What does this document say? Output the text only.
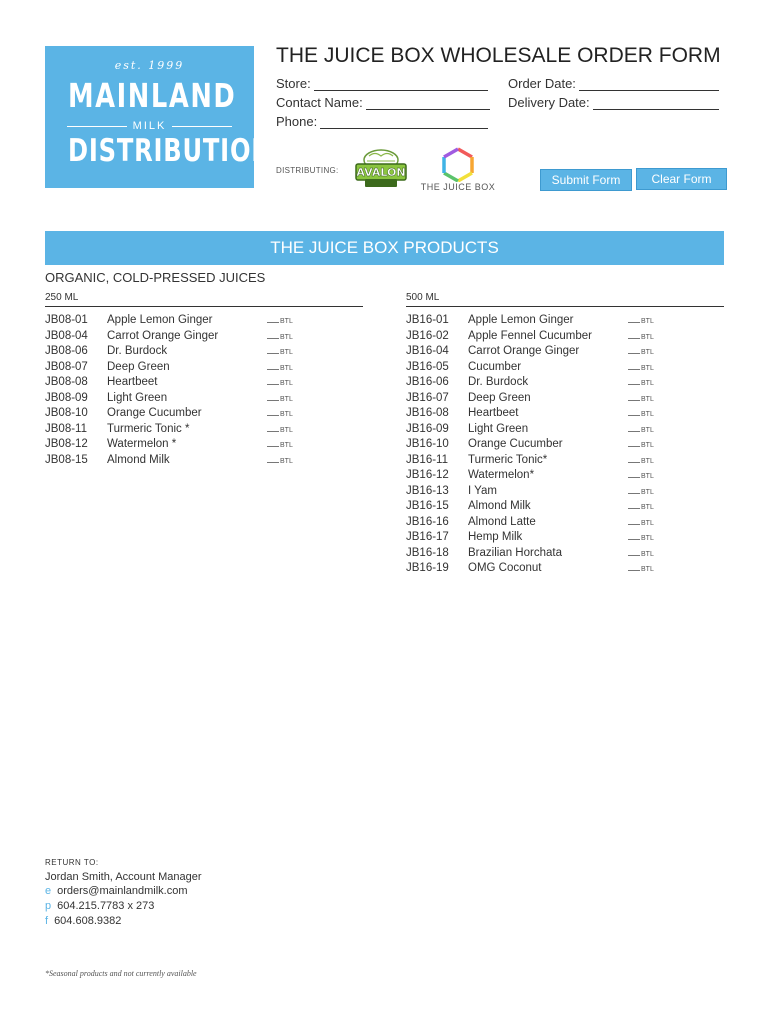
est. 1999
MAINLAND
MILK
DISTRIBUTION
THE JUICE BOX WHOLESALE ORDER FORM
Store:
Contact Name:
Phone:
Order Date:
Delivery Date:
DISTRIBUTING: AVALON
THE JUICE BOX	Submit Form	Clear Form
THE JUICE BOX PRODUCTS
ORGANIC, COLD-PRESSED JUICES
250 ML	500 ML
JB08-01 Apple Lemon Ginger	BTL
JB08-04 Carrot Orange Ginger	BTL
JB08-06 Dr. Burdock	BTL
JB08-07 Deep Green	BTL
JB08-08 Heartbeet	BTL
JB08-09 Light Green	BTL
JB08-10 Orange Cucumber	BTL
JB08-11 Turmeric Tonic *	BTL
JB08-12 Watermelon *	BTL
JB08-15 Almond Milk	BTL
JB16-01 Apple Lemon Ginger	BTL
JB16-02 Apple Fennel Cucumber	BTL
JB16-04 Carrot Orange Ginger	BTL
JB16-05 Cucumber	BTL
JB16-06 Dr. Burdock	BTL
JB16-07 Deep Green	BTL
JB16-08 Heartbeet	BTL
JB16-09 Light Green	BTL
JB16-10 Orange Cucumber	BTL
JB16-11 Turmeric Tonic*	BTL
JB16-12 Watermelon*	BTL
JB16-13 I Yam	BTL
JB16-15 Almond Milk	BTL
JB16-16 Almond Latte	BTL
JB16-17 Hemp Milk	BTL
JB16-18 Brazilian Horchata	BTL
JB16-19 OMG Coconut	BTL
RETURN TO:
Jordan Smith, Account Manager
e orders@mainlandmilk.com
p 604.215.7783 x 273
f 604.608.9382
*Seasonal products and not currently available
